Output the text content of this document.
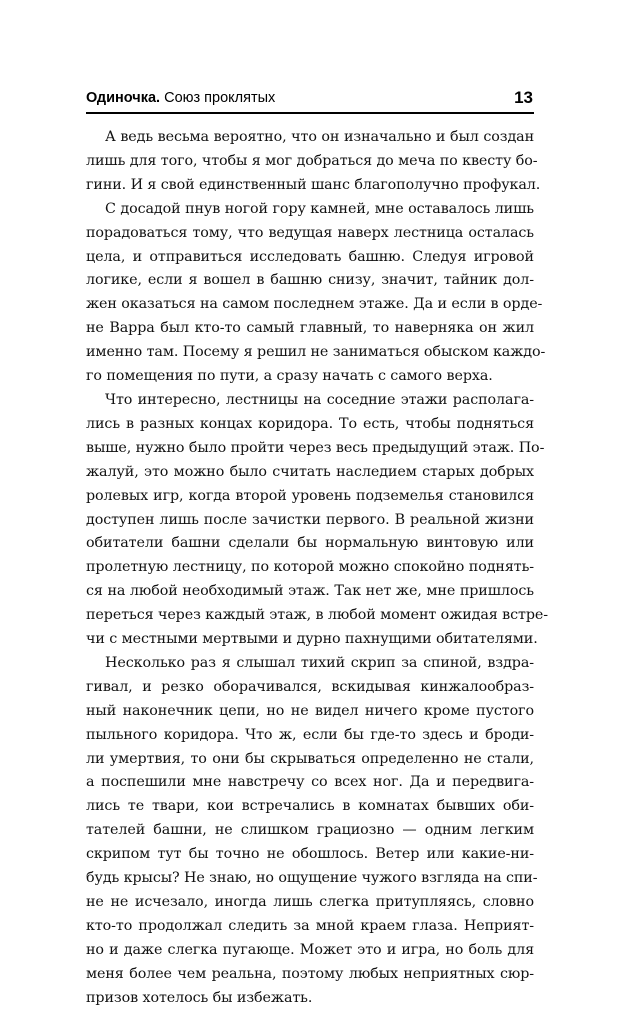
Одиночка. Союз проклятых	13
А ведь весьма вероятно, что он изначально и был создан
лишь для того, чтобы я мог добраться до меча по квесту бо-
гини. И я свой единственный шанс благополучно профукал.
С досадой пнув ногой гору камней, мне оставалось лишь
порадоваться тому, что ведущая наверх лестница осталась
цела, и отправиться исследовать башню. Следуя игровой
логике, если я вошел в башню снизу, значит, тайник дол-
жен оказаться на самом последнем этаже. Да и если в орде-
не Варра был кто-то самый главный, то наверняка он жил
именно там. Посему я решил не заниматься обыском каждо-
го помещения по пути, а сразу начать с самого верха.
Что интересно, лестницы на соседние этажи располага-
лись в разных концах коридора. То есть, чтобы подняться
выше, нужно было пройти через весь предыдущий этаж. По-
жалуй, это можно было считать наследием старых добрых
ролевых игр, когда второй уровень подземелья становился
доступен лишь после зачистки первого. В реальной жизни
обитатели башни сделали бы нормальную винтовую или
пролетную лестницу, по которой можно спокойно поднять-
ся на любой необходимый этаж. Так нет же, мне пришлось
переться через каждый этаж, в любой момент ожидая встре-
чи с местными мертвыми и дурно пахнущими обитателями.
Несколько раз я слышал тихий скрип за спиной, вздра-
гивал, и резко оборачивался, вскидывая кинжалообраз-
ный наконечник цепи, но не видел ничего кроме пустого
пыльного коридора. Что ж, если бы где-то здесь и броди-
ли умертвия, то они бы скрываться определенно не стали,
а поспешили мне навстречу со всех ног. Да и передвига-
лись те твари, кои встречались в комнатах бывших оби-
тателей башни, не слишком грациозно — одним легким
скрипом тут бы точно не обошлось. Ветер или какие-ни-
будь крысы? Не знаю, но ощущение чужого взгляда на спи-
не не исчезало, иногда лишь слегка притупляясь, словно
кто-то продолжал следить за мной краем глаза. Неприят-
но и даже слегка пугающе. Может это и игра, но боль для
меня более чем реальна, поэтому любых неприятных сюр-
призов хотелось бы избежать.
